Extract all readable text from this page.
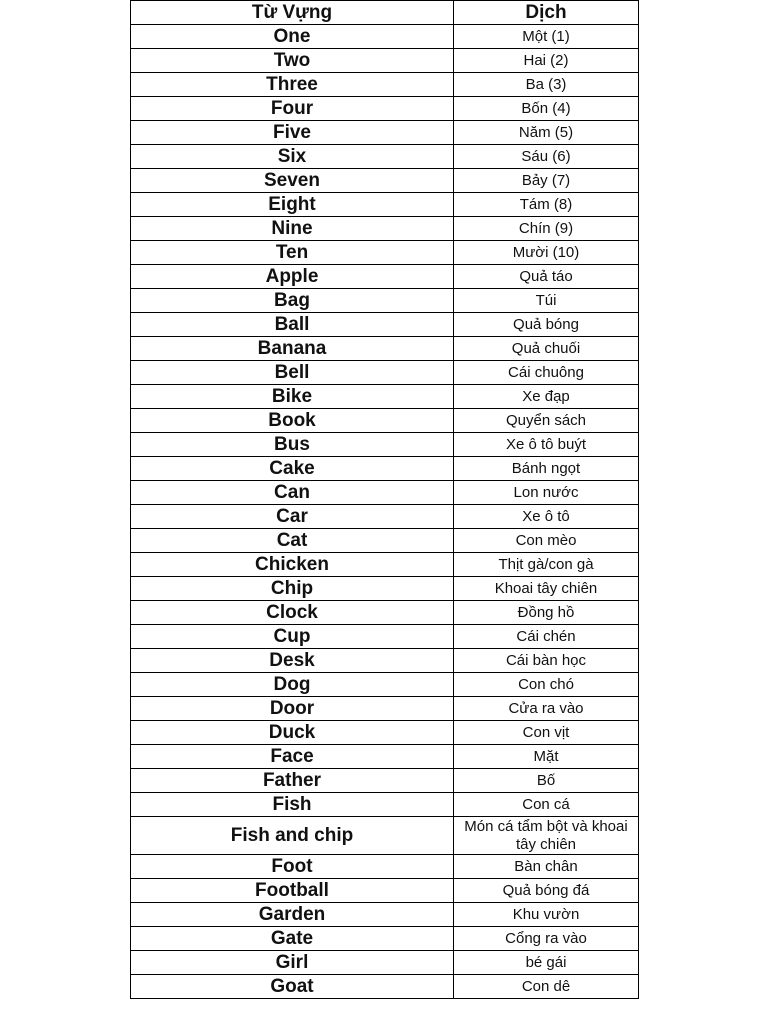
Từ Vựng	Dịch
One	Một (1)
Two	Hai (2)
Three	Ba (3)
Four	Bốn (4)
Five	Năm (5)
Six	Sáu (6)
Seven	Bảy (7)
Eight	Tám (8)
Nine	Chín (9)
Ten	Mười (10)
Apple	Quả táo
Bag	Túi
Ball	Quả bóng
Banana	Quả chuối
Bell	Cái chuông
Bike	Xe đạp
Book	Quyển sách
Bus	Xe ô tô buýt
Cake	Bánh ngọt
Can	Lon nước
Car	Xe ô tô
Cat	Con mèo
Chicken	Thịt gà/con gà
Chip	Khoai tây chiên
Clock	Đồng hồ
Cup	Cái chén
Desk	Cái bàn học
Dog	Con chó
Door	Cửa ra vào
Duck	Con vịt
Face	Mặt
Father	Bố
Fish	Con cá
Fish and chip	Món cá tẩm bột và khoai tây chiên
Foot	Bàn chân
Football	Quả bóng đá
Garden	Khu vườn
Gate	Cổng ra vào
Girl	bé gái
Goat	Con dê
